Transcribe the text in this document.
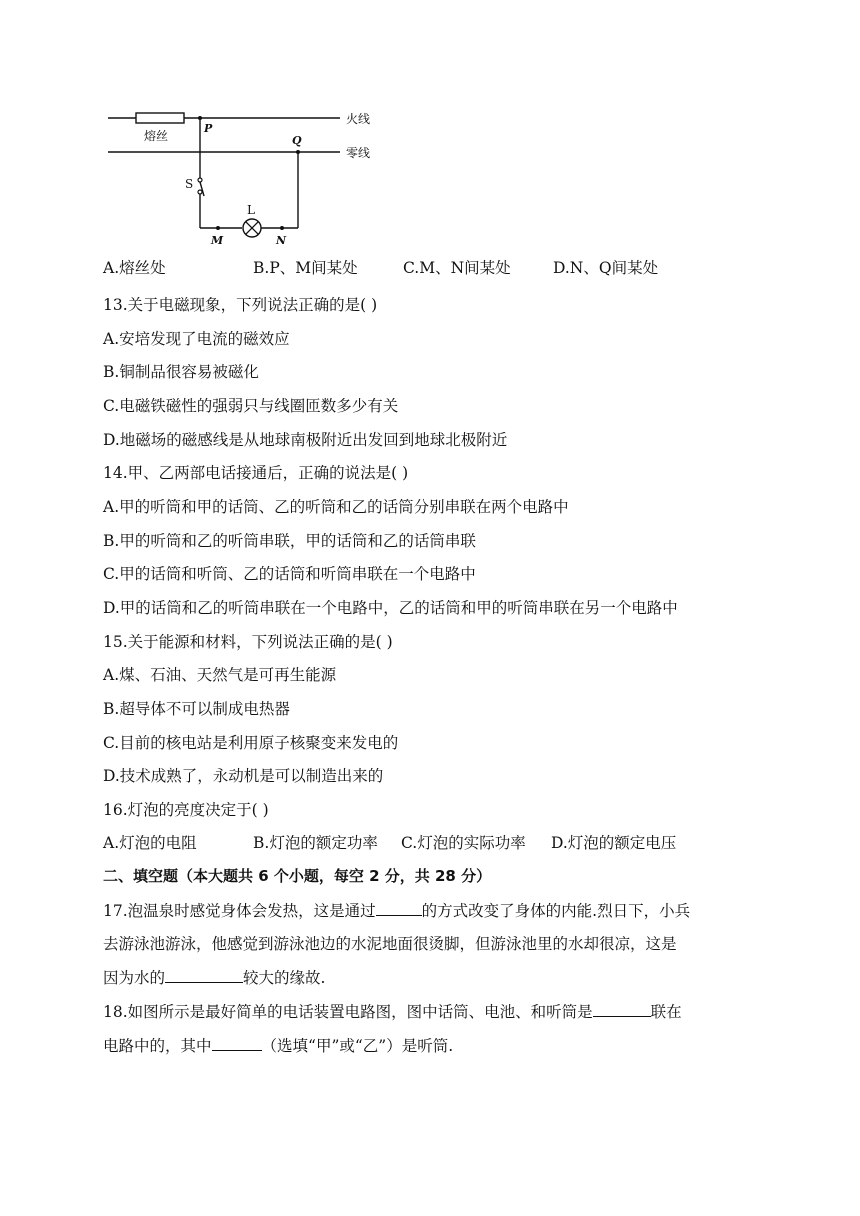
熔丝
火线
零线
P
Q
S
L
M	N
A.熔丝处	B.P、M间某处	C.M、N间某处	D.N、Q间某处
13.关于电磁现象，下列说法正确的是( )
A.安培发现了电流的磁效应
B.铜制品很容易被磁化
C.电磁铁磁性的强弱只与线圈匝数多少有关
D.地磁场的磁感线是从地球南极附近出发回到地球北极附近
14.甲、乙两部电话接通后，正确的说法是( )
A.甲的听筒和甲的话筒、乙的听筒和乙的话筒分别串联在两个电路中
B.甲的听筒和乙的听筒串联，甲的话筒和乙的话筒串联
C.甲的话筒和听筒、乙的话筒和听筒串联在一个电路中
D.甲的话筒和乙的听筒串联在一个电路中，乙的话筒和甲的听筒串联在另一个电路中
15.关于能源和材料，下列说法正确的是( )
A.煤、石油、天然气是可再生能源
B.超导体不可以制成电热器
C.目前的核电站是利用原子核聚变来发电的
D.技术成熟了，永动机是可以制造出来的
16.灯泡的亮度决定于( )
A.灯泡的电阻	B.灯泡的额定功率 C.灯泡的实际功率 D.灯泡的额定电压
二、填空题（本大题共 6 个小题，每空 2 分，共 28 分）
17.泡温泉时感觉身体会发热，这是通过	的方式改变了身体的内能.烈日下，小兵
去游泳池游泳，他感觉到游泳池边的水泥地面很烫脚，但游泳池里的水却很凉，这是
因为水的	较大的缘故.
18.如图所示是最好简单的电话装置电路图，图中话筒、电池、和听筒是	联在
电路中的，其中	（选填“甲”或“乙”）是听筒.
